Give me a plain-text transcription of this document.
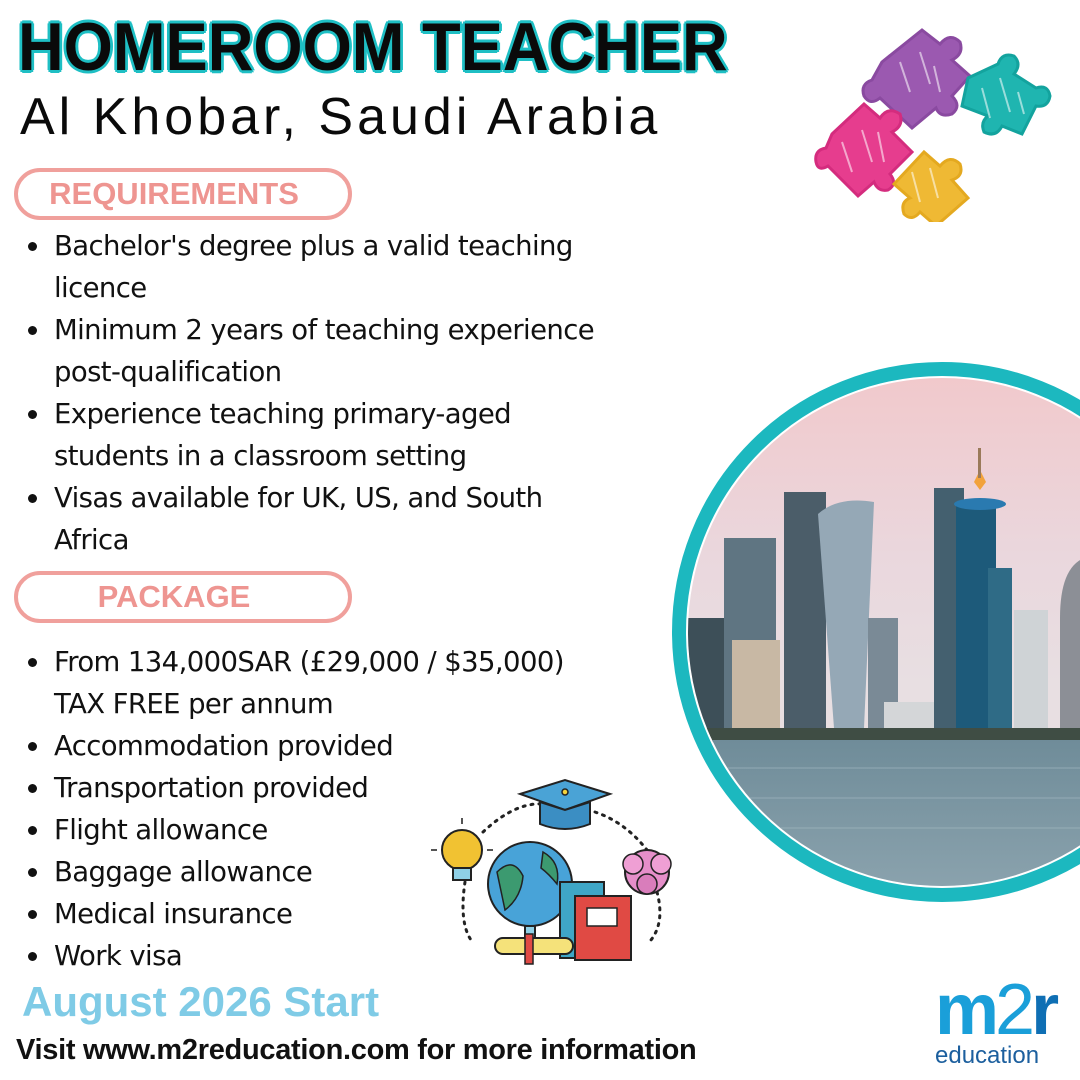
HOMEROOM TEACHER
Al Khobar, Saudi Arabia
REQUIREMENTS
Bachelor's degree plus a valid teaching licence
Minimum 2 years of teaching experience post-qualification
Experience teaching primary-aged students in a classroom setting
Visas available for UK, US, and South Africa
PACKAGE
From 134,000SAR (£29,000 / $35,000) TAX FREE per annum
Accommodation provided
Transportation provided
Flight allowance
Baggage allowance
Medical insurance
Work visa

August 2026 Start

Visit www.m2reducation.com for more information	m2r
education
